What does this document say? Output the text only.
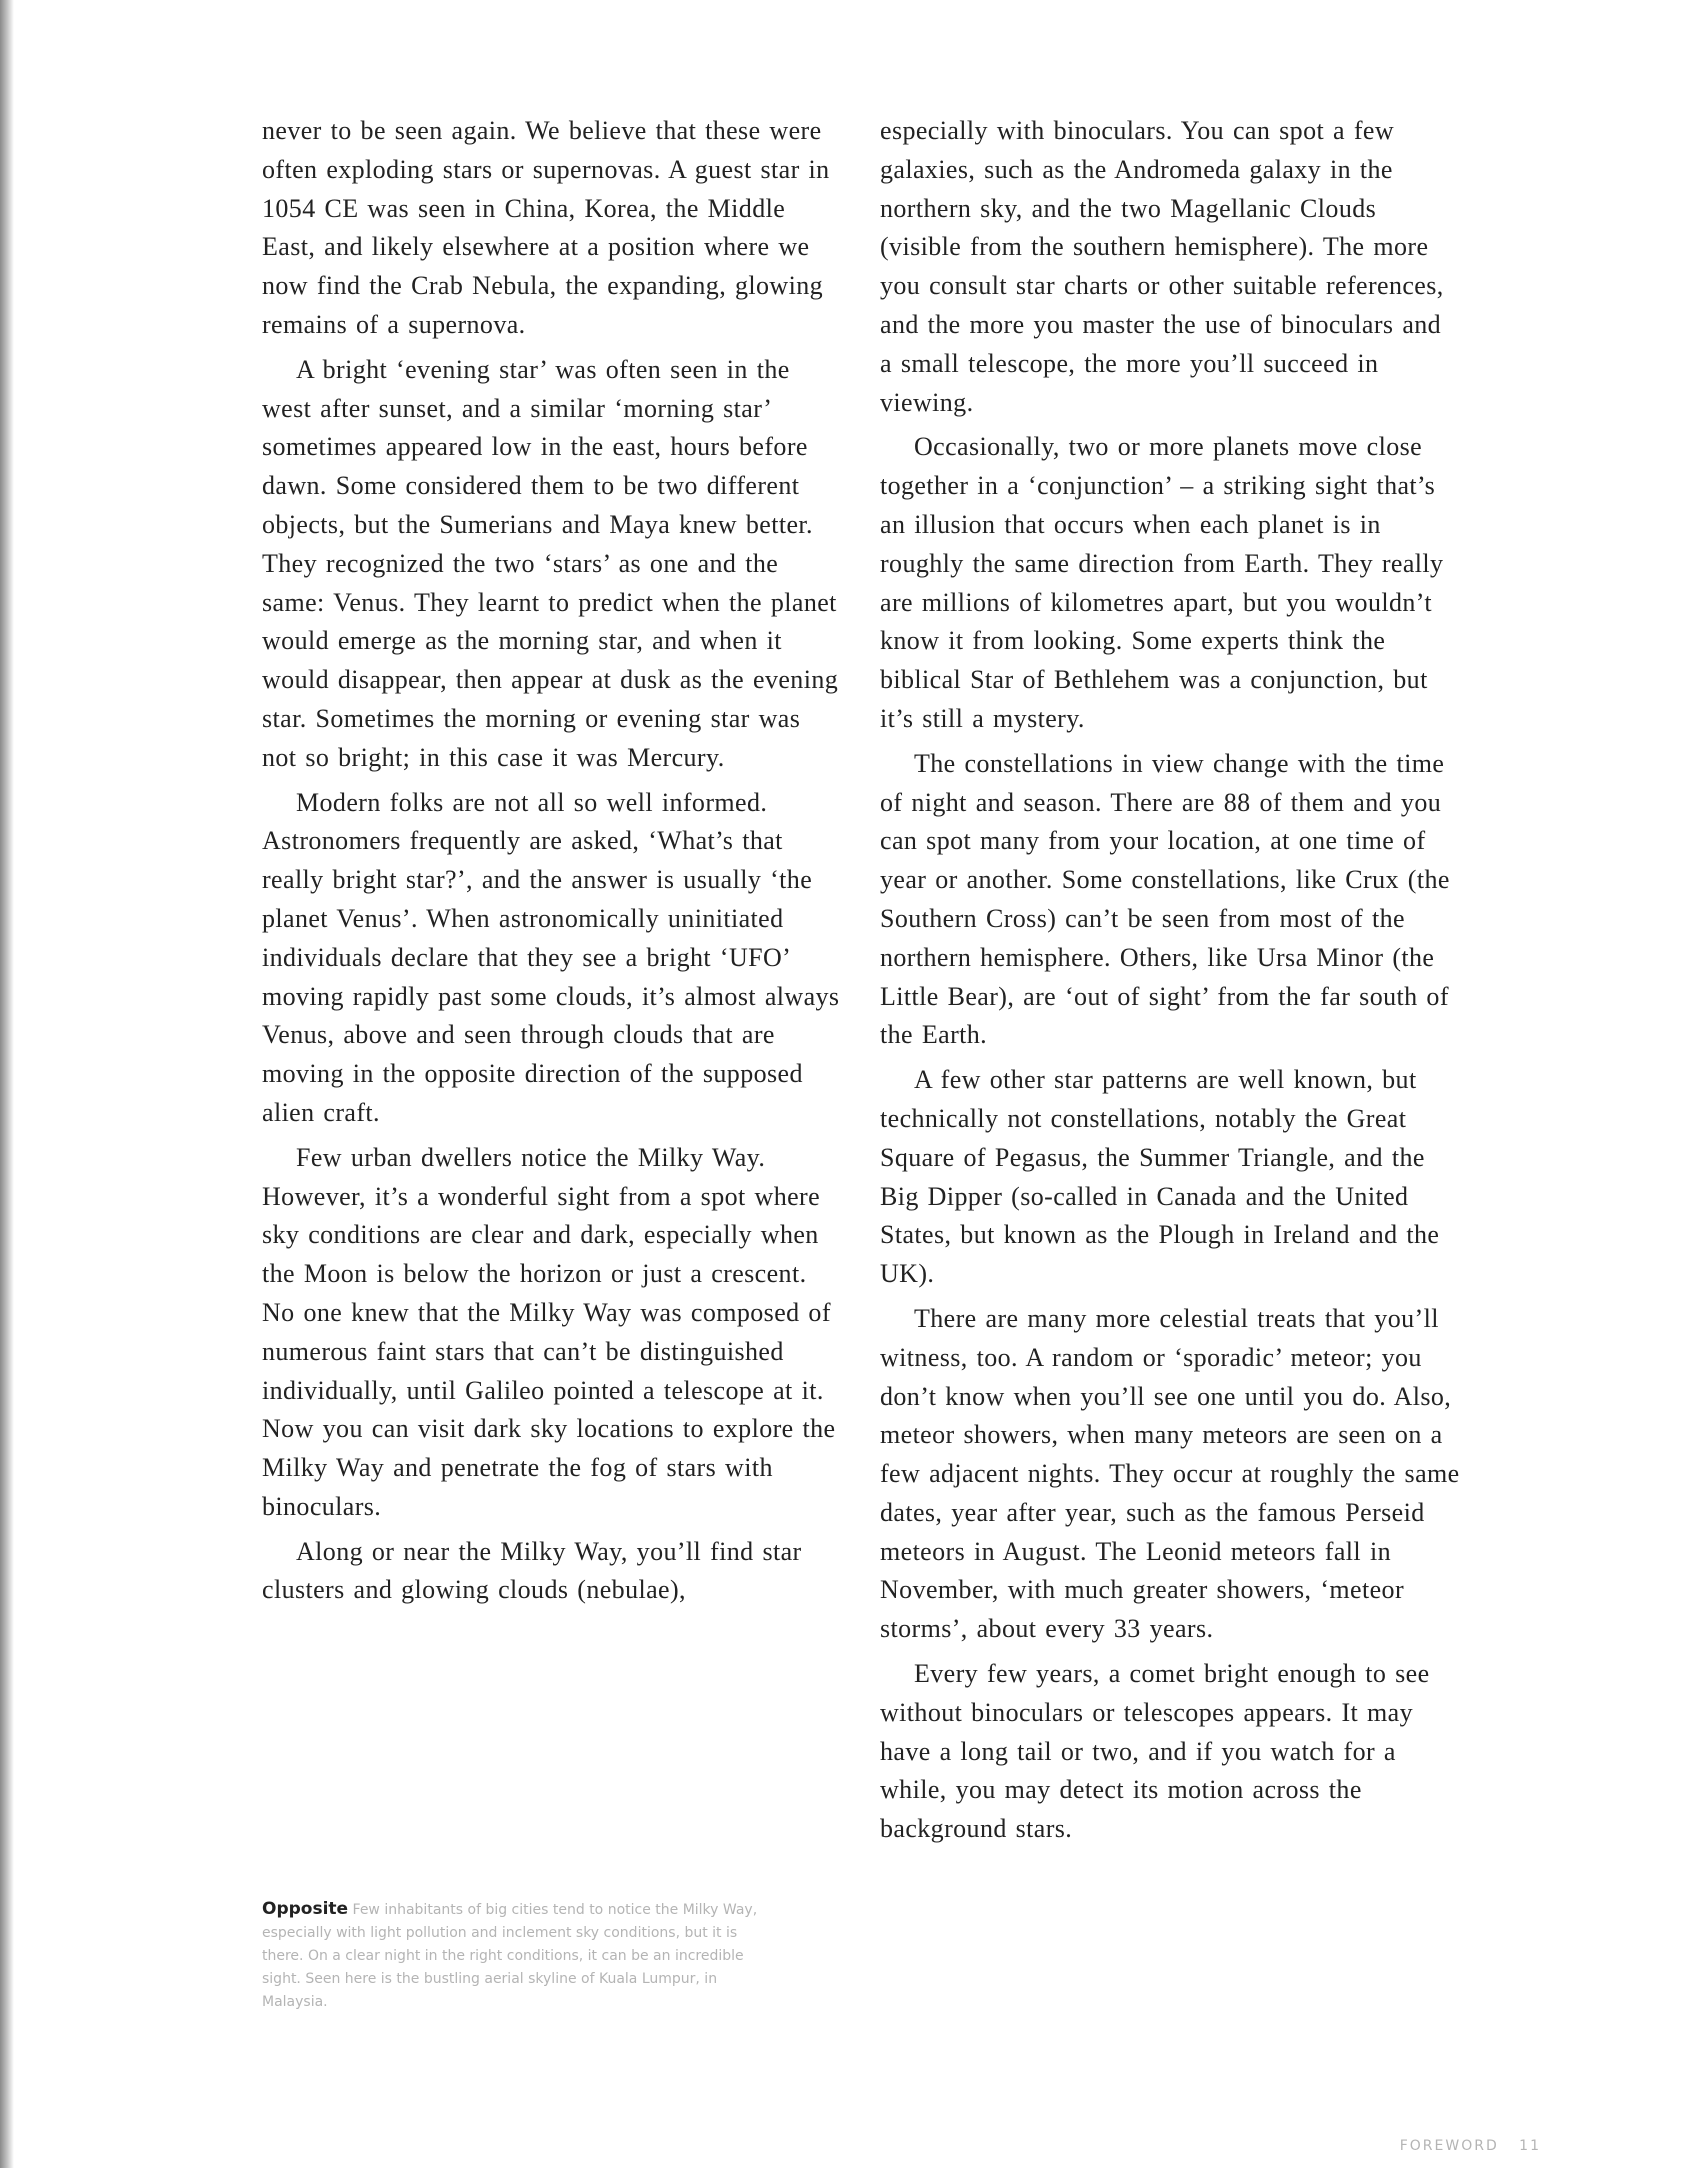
never to be seen again. We believe that these were often exploding stars or supernovas. A guest star in 1054 CE was seen in China, Korea, the Middle East, and likely elsewhere at a position where we now find the Crab Nebula, the expanding, glowing remains of a supernova.

A bright ‘evening star’ was often seen in the west after sunset, and a similar ‘morning star’ sometimes appeared low in the east, hours before dawn. Some considered them to be two different objects, but the Sumerians and Maya knew better. They recognized the two ‘stars’ as one and the same: Venus. They learnt to predict when the planet would emerge as the morning star, and when it would disappear, then appear at dusk as the evening star. Sometimes the morning or evening star was not so bright; in this case it was Mercury.

Modern folks are not all so well informed. Astronomers frequently are asked, ‘What’s that really bright star?’, and the answer is usually ‘the planet Venus’. When astronomically uninitiated individuals declare that they see a bright ‘UFO’ moving rapidly past some clouds, it’s almost always Venus, above and seen through clouds that are moving in the opposite direction of the supposed alien craft.

Few urban dwellers notice the Milky Way. However, it’s a wonderful sight from a spot where sky conditions are clear and dark, especially when the Moon is below the horizon or just a crescent. No one knew that the Milky Way was composed of numerous faint stars that can’t be distinguished individually, until Galileo pointed a telescope at it. Now you can visit dark sky locations to explore the Milky Way and penetrate the fog of stars with binoculars.

Along or near the Milky Way, you’ll find star clusters and glowing clouds (nebulae),

especially with binoculars. You can spot a few galaxies, such as the Andromeda galaxy in the northern sky, and the two Magellanic Clouds (visible from the southern hemisphere). The more you consult star charts or other suitable references, and the more you master the use of binoculars and a small telescope, the more you’ll succeed in viewing.

Occasionally, two or more planets move close together in a ‘conjunction’ – a striking sight that’s an illusion that occurs when each planet is in roughly the same direction from Earth. They really are millions of kilometres apart, but you wouldn’t know it from looking. Some experts think the biblical Star of Bethlehem was a conjunction, but it’s still a mystery.

The constellations in view change with the time of night and season. There are 88 of them and you can spot many from your location, at one time of year or another. Some constellations, like Crux (the Southern Cross) can’t be seen from most of the northern hemisphere. Others, like Ursa Minor (the Little Bear), are ‘out of sight’ from the far south of the Earth.

A few other star patterns are well known, but technically not constellations, notably the Great Square of Pegasus, the Summer Triangle, and the Big Dipper (so-called in Canada and the United States, but known as the Plough in Ireland and the UK).

There are many more celestial treats that you’ll witness, too. A random or ‘sporadic’ meteor; you don’t know when you’ll see one until you do. Also, meteor showers, when many meteors are seen on a few adjacent nights. They occur at roughly the same dates, year after year, such as the famous Perseid meteors in August. The Leonid meteors fall in November, with much greater showers, ‘meteor storms’, about every 33 years.

Every few years, a comet bright enough to see without binoculars or telescopes appears. It may have a long tail or two, and if you watch for a while, you may detect its motion across the background stars.

Opposite Few inhabitants of big cities tend to notice the Milky Way, especially with light pollution and inclement sky conditions, but it is there. On a clear night in the right conditions, it can be an incredible sight. Seen here is the bustling aerial skyline of Kuala Lumpur, in Malaysia.
FOREWORD 11
